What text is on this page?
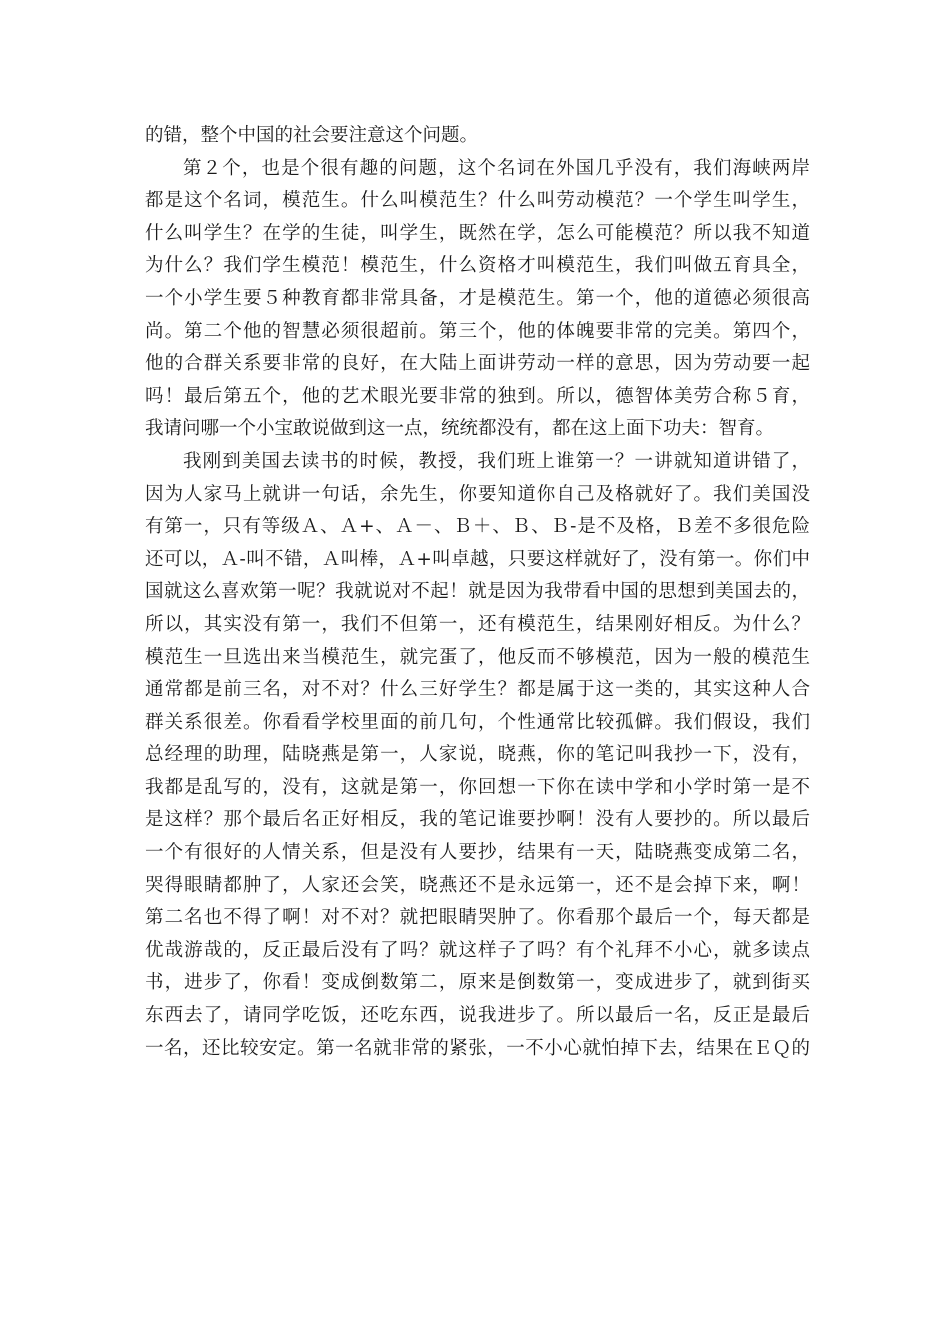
的错，整个中国的社会要注意这个问题。
第２个，也是个很有趣的问题，这个名词在外国几乎没有，我们海峡两岸
都是这个名词，模范生。什么叫模范生？什么叫劳动模范？一个学生叫学生，
什么叫学生？在学的生徒，叫学生，既然在学，怎么可能模范？所以我不知道
为什么？我们学生模范！模范生，什么资格才叫模范生，我们叫做五育具全，
一个小学生要５种教育都非常具备，才是模范生。第一个，他的道德必须很高
尚。第二个他的智慧必须很超前。第三个，他的体魄要非常的完美。第四个，
他的合群关系要非常的良好，在大陆上面讲劳动一样的意思，因为劳动要一起
吗！最后第五个，他的艺术眼光要非常的独到。所以，德智体美劳合称５育，
我请问哪一个小宝敢说做到这一点，统统都没有，都在这上面下功夫：智育。
我刚到美国去读书的时候，教授，我们班上谁第一？一讲就知道讲错了，
因为人家马上就讲一句话，余先生，你要知道你自己及格就好了。我们美国没
有第一，只有等级Ａ、Ａ+、Ａ－、Ｂ＋、Ｂ、Ｂ-是不及格，Ｂ差不多很危险
还可以，Ａ-叫不错，Ａ叫棒，Ａ+叫卓越，只要这样就好了，没有第一。你们中
国就这么喜欢第一呢？我就说对不起！就是因为我带看中国的思想到美国去的，
所以，其实没有第一，我们不但第一，还有模范生，结果刚好相反。为什么？
模范生一旦选出来当模范生，就完蛋了，他反而不够模范，因为一般的模范生
通常都是前三名，对不对？什么三好学生？都是属于这一类的，其实这种人合
群关系很差。你看看学校里面的前几句，个性通常比较孤僻。我们假设，我们
总经理的助理，陆晓燕是第一，人家说，晓燕，你的笔记叫我抄一下，没有，
我都是乱写的，没有，这就是第一，你回想一下你在读中学和小学时第一是不
是这样？那个最后名正好相反，我的笔记谁要抄啊！没有人要抄的。所以最后
一个有很好的人情关系，但是没有人要抄，结果有一天，陆晓燕变成第二名，
哭得眼睛都肿了，人家还会笑，晓燕还不是永远第一，还不是会掉下来，啊！
第二名也不得了啊！对不对？就把眼睛哭肿了。你看那个最后一个，每天都是
优哉游哉的，反正最后没有了吗？就这样子了吗？有个礼拜不小心，就多读点
书，进步了，你看！变成倒数第二，原来是倒数第一，变成进步了，就到街买
东西去了，请同学吃饭，还吃东西，说我进步了。所以最后一名，反正是最后
一名，还比较安定。第一名就非常的紧张，一不小心就怕掉下去，结果在ＥＱ的
